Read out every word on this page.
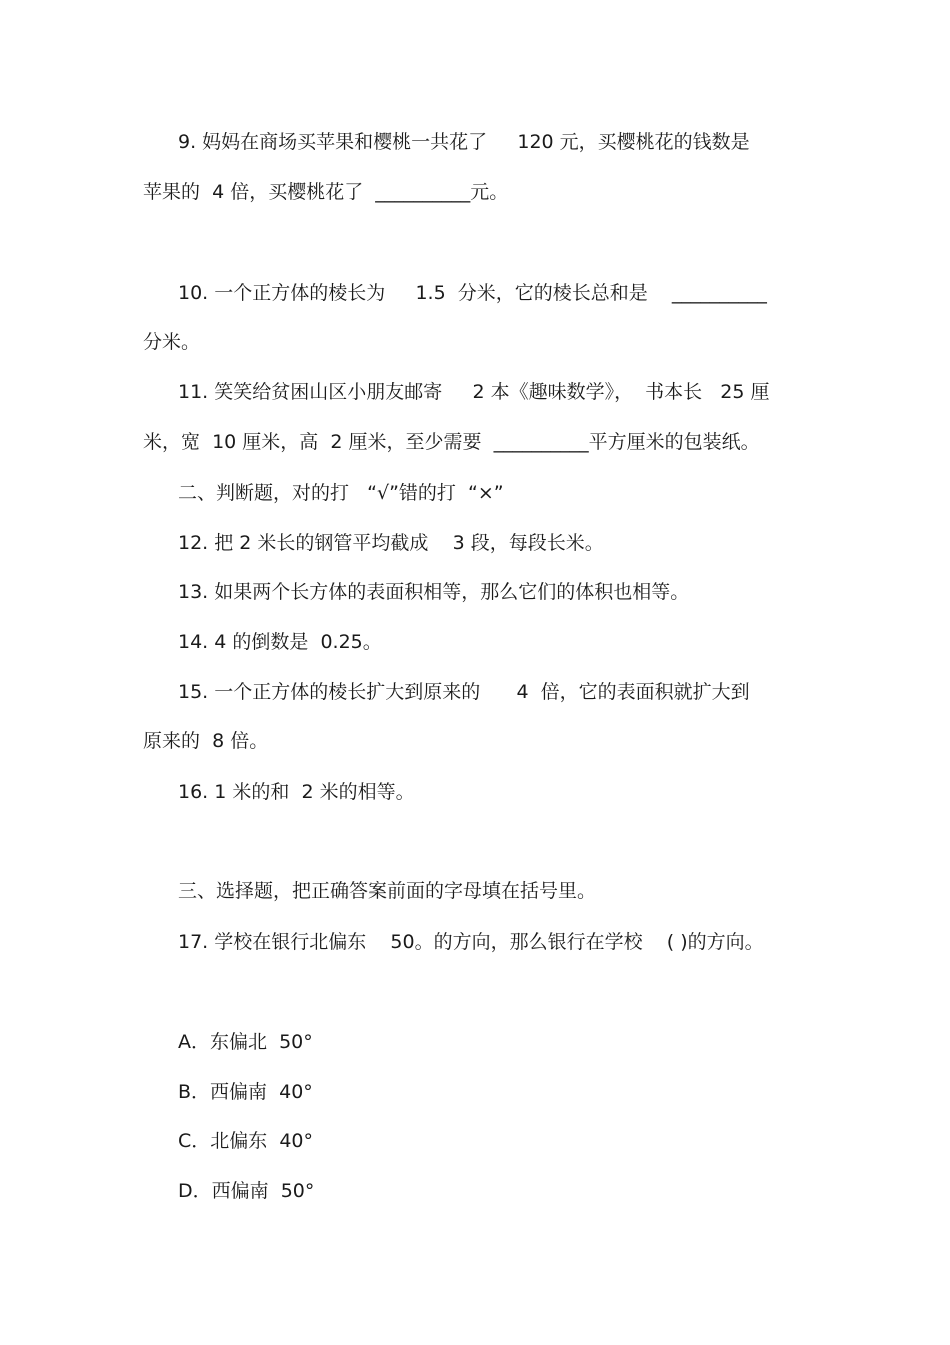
9. 妈妈在商场买苹果和樱桃一共花了     120 元，买樱桃花的钱数是
苹果的  4 倍，买樱桃花了  __________元。
10. 一个正方体的棱长为     1.5  分米，它的棱长总和是    __________
分米。
11. 笑笑给贫困山区小朋友邮寄     2 本《趣味数学》，  书本长   25 厘
米，宽  10 厘米，高  2 厘米，至少需要  __________平方厘米的包装纸。
二、判断题，对的打   “√”错的打  “×”
12. 把 2 米长的钢管平均截成    3 段，每段长米。
13. 如果两个长方体的表面积相等，那么它们的体积也相等。
14. 4 的倒数是  0.25。
15. 一个正方体的棱长扩大到原来的      4  倍，它的表面积就扩大到
原来的  8 倍。
16. 1 米的和  2 米的相等。
三、选择题，把正确答案前面的字母填在括号里。
17. 学校在银行北偏东    50。的方向，那么银行在学校    ( )的方向。
A．东偏北  50°
B．西偏南  40°
C．北偏东  40°
D．西偏南  50°
